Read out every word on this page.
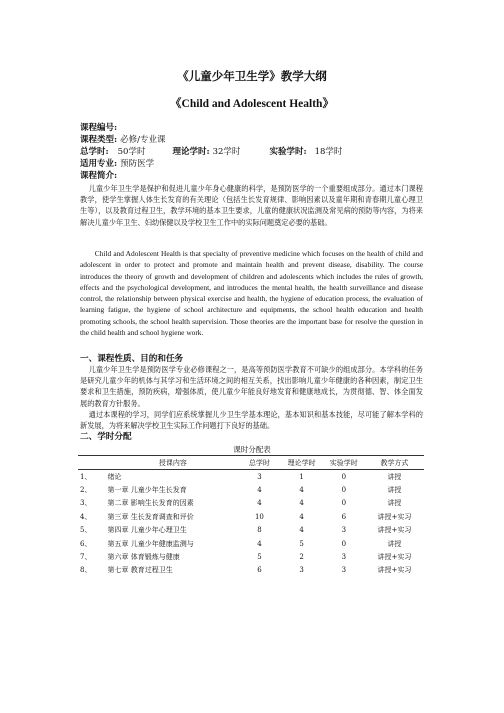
《儿童少年卫生学》教学大纲
《Child and Adolescent Health》
课程编号:
课程类型: 必修/专业课
总学时: 50学时	理论学时: 32学时	实验学时: 18学时
适用专业: 预防医学
课程简介:
儿童少年卫生学是保护和促进儿童少年身心健康的科学，是预防医学的一个重要组成部分。通过本门课程教学，使学生掌握人体生长发育的有关理论（包括生长发育规律、影响因素以及童年期和青春期儿童心理卫生等），以及教育过程卫生，教学环境的基本卫生要求，儿童的健康状况监测及常见病的预防等内容，为将来解决儿童少年卫生、妇幼保健以及学校卫生工作中的实际问题奠定必要的基础。
Child and Adolescent Health is that specialty of preventive medicine which focuses on the health of child and adolescent in order to protect and promote and maintain health and prevent disease, disability. The course introduces the theory of growth and development of children and adolescents which includes the rules of growth, effects and the psychological development, and introduces the mental health, the health surveillance and disease control, the relationship between physical exercise and health, the hygiene of education process, the evaluation of learning fatigue, the hygiene of school architecture and equipments, the school health education and health promoting schools, the school health supervision. Those theories are the important base for resolve the question in the child health and school hygiene work.
一、课程性质、目的和任务
儿童少年卫生学是预防医学专业必修课程之一，是高等预防医学教育不可缺少的组成部分。本学科的任务是研究儿童少年的机体与其学习和生活环境之间的相互关系，找出影响儿童少年健康的各种因素，制定卫生要求和卫生措施，预防疾病，增强体质，使儿童少年能良好地发育和健康地成长，为贯彻德、智、体全面发展的教育方针服务。
通过本课程的学习，同学们应系统掌握儿少卫生学基本理论，基本知识和基本技能，尽可能了解本学科的新发展，为将来解决学校卫生实际工作问题打下良好的基础。
二、学时分配
课时分配表
	授课内容	总学时	理论学时	实验学时	教学方式
1、	绪论	3	1	0	讲授
2、	第一章 儿童少年生长发育	4	4	0	讲授
3、	第二章 影响生长发育的因素	4	4	0	讲授
4、	第三章 生长发育调查和评价	10	4	6	讲授+实习
5、	第四章 儿童少年心理卫生	8	4	3	讲授+实习
6、	第五章 儿童少年健康监测与	4	5	0	讲授
7、	第六章 体育锻炼与健康	5	2	3	讲授+实习
8、	第七章 教育过程卫生	6	3	3	讲授+实习
